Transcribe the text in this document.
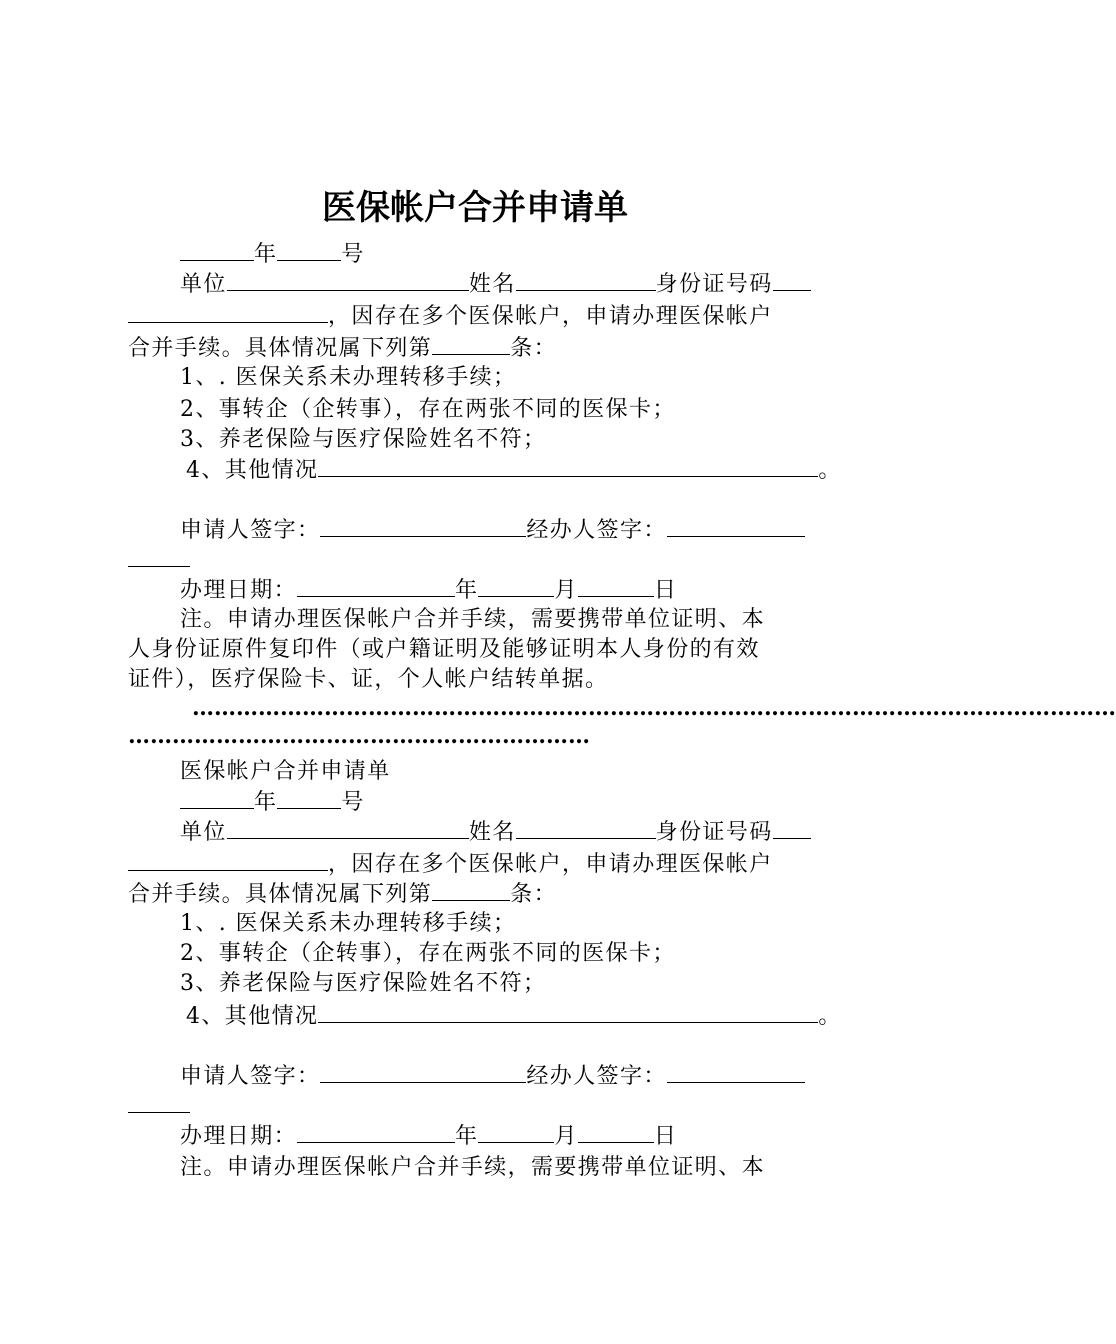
医保帐户合并申请单
年	号
单位	姓名	身份证号码
，因存在多个医保帐户，申请办理医保帐户
合并手续。具体情况属下列第	条：
1、. 医保关系未办理转移手续；
2、事转企（企转事），存在两张不同的医保卡；
3、养老保险与医疗保险姓名不符；
4、其他情况	。
申请人签字：	经办人签字：
办理日期：	年	月	日
注。申请办理医保帐户合并手续，需要携带单位证明、本
人身份证原件复印件（或户籍证明及能够证明本人身份的有效
证件），医疗保险卡、证，个人帐户结转单据。
………………………………………………………………………………………………………………
………………………………………………………
医保帐户合并申请单
年	号
单位	姓名	身份证号码
，因存在多个医保帐户，申请办理医保帐户
合并手续。具体情况属下列第	条：
1、. 医保关系未办理转移手续；
2、事转企（企转事），存在两张不同的医保卡；
3、养老保险与医疗保险姓名不符；
4、其他情况	。
申请人签字：	经办人签字：
办理日期：	年	月	日
注。申请办理医保帐户合并手续，需要携带单位证明、本
